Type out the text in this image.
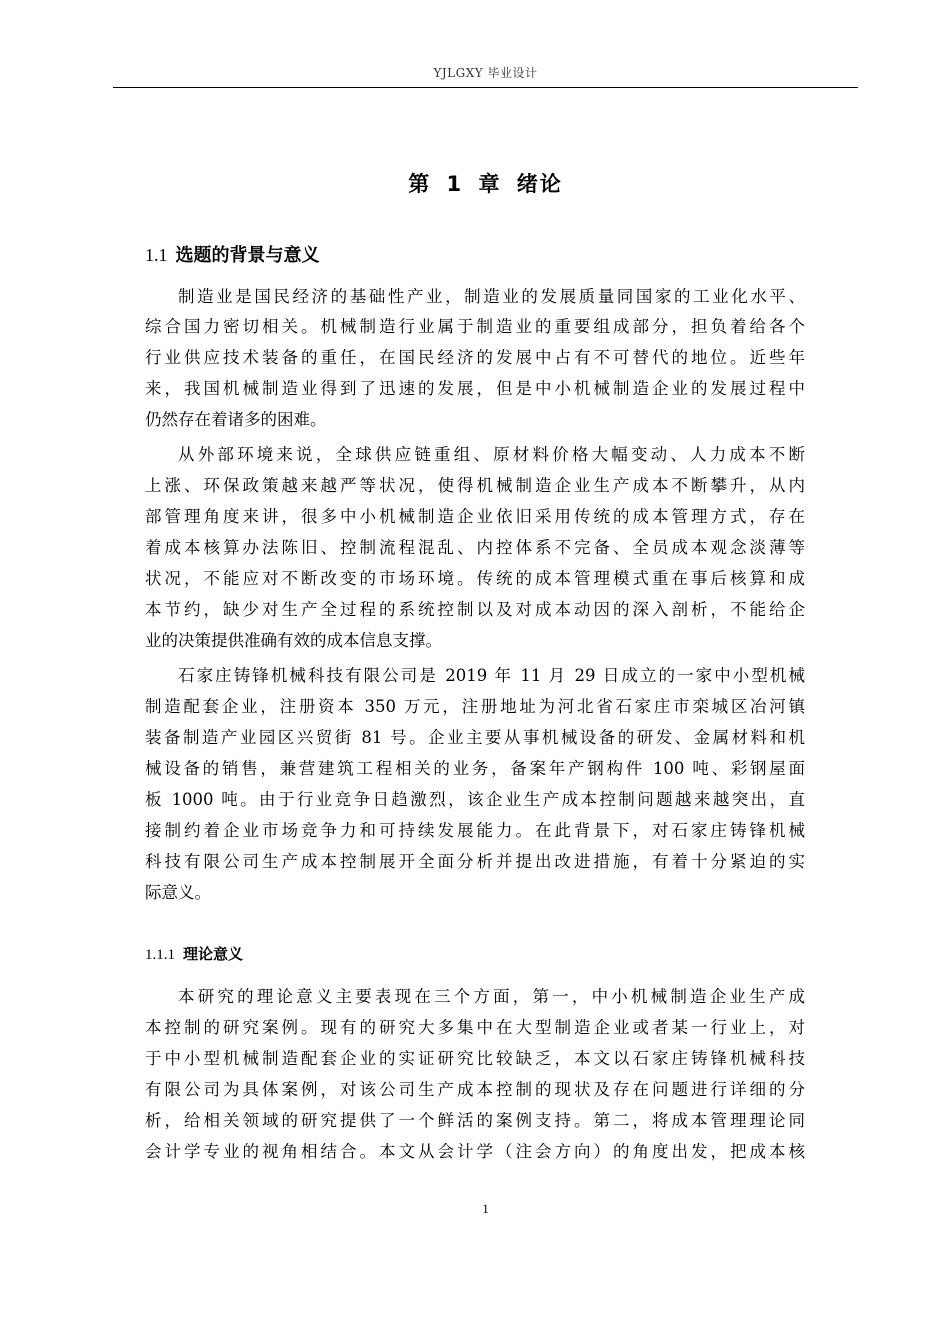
YJLGXY 毕业设计
第 1 章 绪论
1.1 选题的背景与意义
制造业是国民经济的基础性产业，制造业的发展质量同国家的工业化水平、
综合国力密切相关。机械制造行业属于制造业的重要组成部分，担负着给各个
行业供应技术装备的重任，在国民经济的发展中占有不可替代的地位。近些年
来，我国机械制造业得到了迅速的发展，但是中小机械制造企业的发展过程中
仍然存在着诸多的困难。
从外部环境来说，全球供应链重组、原材料价格大幅变动、人力成本不断
上涨、环保政策越来越严等状况，使得机械制造企业生产成本不断攀升，从内
部管理角度来讲，很多中小机械制造企业依旧采用传统的成本管理方式，存在
着成本核算办法陈旧、控制流程混乱、内控体系不完备、全员成本观念淡薄等
状况，不能应对不断改变的市场环境。传统的成本管理模式重在事后核算和成
本节约，缺少对生产全过程的系统控制以及对成本动因的深入剖析，不能给企
业的决策提供准确有效的成本信息支撑。
石家庄铸锋机械科技有限公司是 2019 年 11 月 29 日成立的一家中小型机械
制造配套企业，注册资本 350 万元，注册地址为河北省石家庄市栾城区冶河镇
装备制造产业园区兴贸街 81 号。企业主要从事机械设备的研发、金属材料和机
械设备的销售，兼营建筑工程相关的业务，备案年产钢构件 100 吨、彩钢屋面
板 1000 吨。由于行业竞争日趋激烈，该企业生产成本控制问题越来越突出，直
接制约着企业市场竞争力和可持续发展能力。在此背景下，对石家庄铸锋机械
科技有限公司生产成本控制展开全面分析并提出改进措施，有着十分紧迫的实
际意义。
1.1.1 理论意义
本研究的理论意义主要表现在三个方面，第一，中小机械制造企业生产成
本控制的研究案例。现有的研究大多集中在大型制造企业或者某一行业上，对
于中小型机械制造配套企业的实证研究比较缺乏，本文以石家庄铸锋机械科技
有限公司为具体案例，对该公司生产成本控制的现状及存在问题进行详细的分
析，给相关领域的研究提供了一个鲜活的案例支持。第二，将成本管理理论同
会计学专业的视角相结合。本文从会计学（注会方向）的角度出发，把成本核
1
